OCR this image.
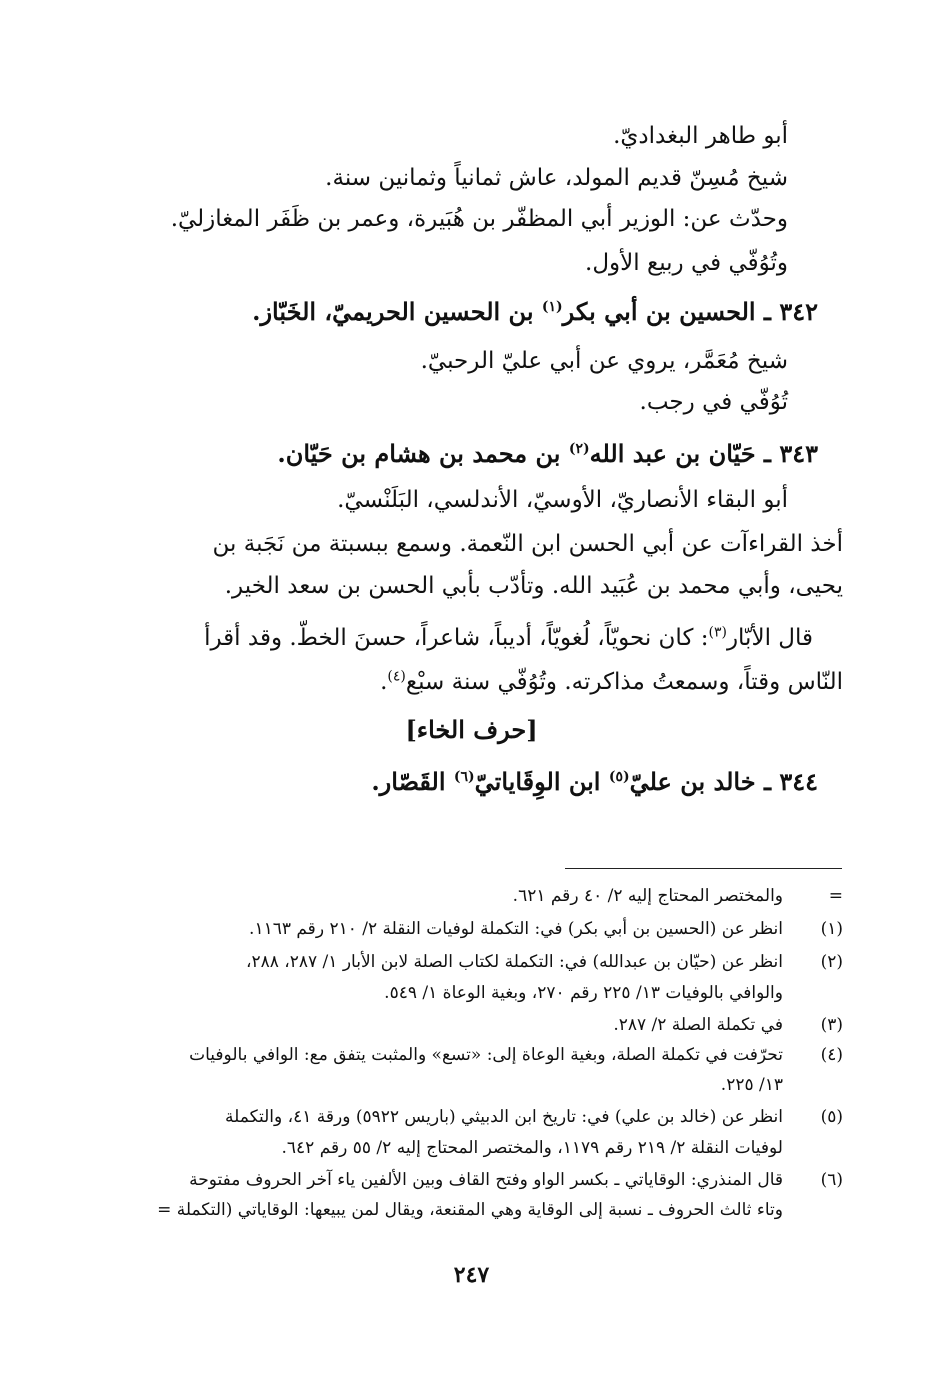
أبو طاهر البغداديّ.
شيخ مُسِنّ قديم المولد، عاش ثمانياً وثمانين سنة.
وحدّث عن: الوزير أبي المظفّر بن هُبَيرة، وعمر بن ظَفَر المغازليّ.
وتُوُفّي في ربيع الأول.
٣٤٢ ـ الحسين بن أبي بكر$^{(١)}$ بن الحسين الحريميّ، الخَبّاز.
شيخ مُعَمَّر، يروي عن أبي عليّ الرحبيّ.
تُوُفّي في رجب.
٣٤٣ ـ حَيّان بن عبد الله$^{(٢)}$ بن محمد بن هشام بن حَيّان.
أبو البقاء الأنصاريّ، الأوسيّ، الأندلسي، البَلَنْسيّ.
أخذ القراءآت عن أبي الحسن ابن النّعمة. وسمع ببسبتة من نَجَبة بن
يحيى، وأبي محمد بن عُبَيد الله. وتأدّب بأبي الحسن بن سعد الخير.
قال الأبّار$^{(٣)}$: كان نحويّاً، لُغويّاً، أديباً، شاعراً، حسنَ الخطّ. وقد أقرأ
النّاس وقتاً، وسمعتُ مذاكرته. وتُوُفّي سنة سبْع$^{(٤)}$.
[حرف الخاء]
٣٤٤ ـ خالد بن عليّ$^{(٥)}$ ابن الوِقَاياتيّ$^{(٦)}$ القَصّار.
=
والمختصر المحتاج إليه ٢/ ٤٠ رقم ٦٢١.
(١)
انظر عن (الحسين بن أبي بكر) في: التكملة لوفيات النقلة ٢/ ٢١٠ رقم ١١٦٣.
(٢)
انظر عن (حيّان بن عبدالله) في: التكملة لكتاب الصلة لابن الأبار ١/ ٢٨٧، ٢٨٨،
والوافي بالوفيات ١٣/ ٢٢٥ رقم ٢٧٠، وبغية الوعاة ١/ ٥٤٩.
(٣)
في تكملة الصلة ٢/ ٢٨٧.
(٤)
تحرّفت في تكملة الصلة، وبغية الوعاة إلى: «تسع» والمثبت يتفق مع: الوافي بالوفيات
١٣/ ٢٢٥.
(٥)
انظر عن (خالد بن علي) في: تاريخ ابن الدبيثي (باريس ٥٩٢٢) ورقة ٤١، والتكملة
لوفيات النقلة ٢/ ٢١٩ رقم ١١٧٩، والمختصر المحتاج إليه ٢/ ٥٥ رقم ٦٤٢.
(٦)
قال المنذري: الوقاياتي ـ بكسر الواو وفتح القاف وبين الألفين ياء آخر الحروف مفتوحة
وتاء ثالث الحروف ـ نسبة إلى الوقاية وهي المقنعة، ويقال لمن يبيعها: الوقاياتي (التكملة =
٢٤٧
